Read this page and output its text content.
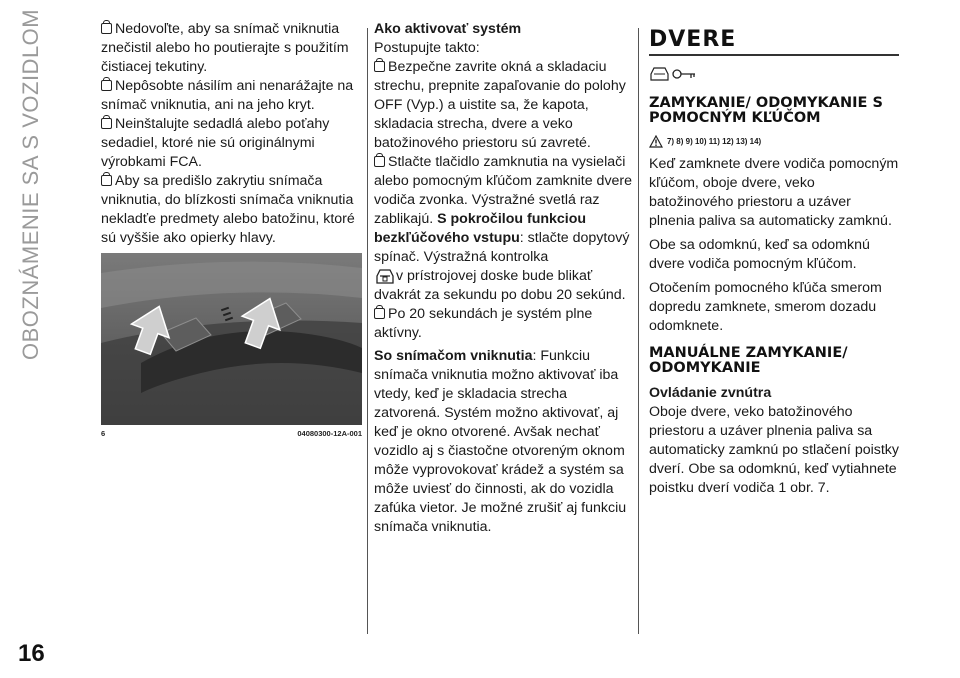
OBOZNÁMENIE SA S VOZIDLOM
16

Nedovoľte, aby sa snímač vniknutia znečistil alebo ho poutierajte s použitím čistiacej tekutiny.

Nepôsobte násilím ani nenarážajte na snímač vniknutia, ani na jeho kryt.

Neinštalujte sedadlá alebo poťahy sedadiel, ktoré nie sú originálnymi výrobkami FCA.

Aby sa predišlo zakrytiu snímača vniknutia, do blízkosti snímača vniknutia nekladťe predmety alebo batožinu, ktoré sú vyššie ako opierky hlavy.

6	04080300-12A-001

Ako aktivovať systém

Postupujte takto:

Bezpečne zavrite okná a skladaciu strechu, prepnite zapaľovanie do polohy OFF (Vyp.) a uistite sa, že kapota, skladacia strecha, dvere a veko batožinového priestoru sú zavreté.

Stlačte tlačidlo zamknutia na vysielači alebo pomocným kľúčom zamknite dvere vodiča zvonka. Výstražné svetlá raz zablikajú. S pokročilou funkciou bezkľúčového vstupu: stlačte dopytový spínač. Výstražná kontrolka
v prístrojovej doske bude blikať dvakrát za sekundu po dobu 20 sekúnd.

Po 20 sekundách je systém plne aktívny.

So snímačom vniknutia: Funkciu snímača vniknutia možno aktivovať iba vtedy, keď je skladacia strecha zatvorená. Systém možno aktivovať, aj keď je okno otvorené. Avšak nechať vozidlo aj s čiastočne otvoreným oknom môže vyprovokovať krádež a systém sa môže uviesť do činnosti, ak do vozidla zafúka vietor. Je možné zrušiť aj funkciu snímača vniknutia.

DVERE
ZAMYKANIE/ ODOMYKANIE S POMOCNÝM KĽÚČOM

7) 8) 9) 10) 11) 12) 13) 14)

Keď zamknete dvere vodiča pomocným kľúčom, oboje dvere, veko batožinového priestoru a uzáver plnenia paliva sa automaticky zamknú.

Obe sa odomknú, keď sa odomknú dvere vodiča pomocným kľúčom.

Otočením pomocného kľúča smerom dopredu zamknete, smerom dozadu odomknete.

MANUÁLNE ZAMYKANIE/ ODOMYKANIE

Ovládanie zvnútra

Oboje dvere, veko batožinového priestoru a uzáver plnenia paliva sa automaticky zamknú po stlačení poistky dverí. Obe sa odomknú, keď vytiahnete poistku dverí vodiča 1 obr. 7.
